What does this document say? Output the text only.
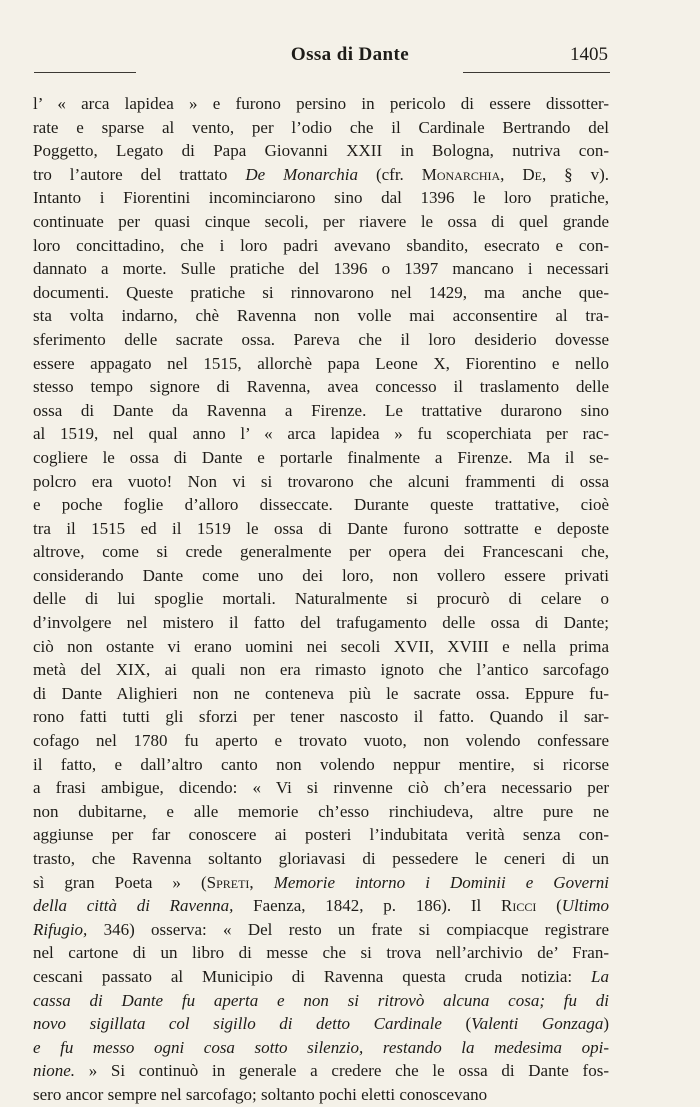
Ossa di Dante	1405
l’ « arca lapidea » e furono persino in pericolo di essere dissotter-
rate e sparse al vento, per l’odio che il Cardinale Bertrando del
Poggetto, Legato di Papa Giovanni XXII in Bologna, nutriva con-
tro l’autore del trattato De Monarchia (cfr. Monarchia, De, § v).
Intanto i Fiorentini incominciarono sino dal 1396 le loro pratiche,
continuate per quasi cinque secoli, per riavere le ossa di quel grande
loro concittadino, che i loro padri avevano sbandito, esecrato e con-
dannato a morte. Sulle pratiche del 1396 o 1397 mancano i necessari
documenti. Queste pratiche si rinnovarono nel 1429, ma anche que-
sta volta indarno, chè Ravenna non volle mai acconsentire al tra-
sferimento delle sacrate ossa. Pareva che il loro desiderio dovesse
essere appagato nel 1515, allorchè papa Leone X, Fiorentino e nello
stesso tempo signore di Ravenna, avea concesso il traslamento delle
ossa di Dante da Ravenna a Firenze. Le trattative durarono sino
al 1519, nel qual anno l’ « arca lapidea » fu scoperchiata per rac-
cogliere le ossa di Dante e portarle finalmente a Firenze. Ma il se-
polcro era vuoto! Non vi si trovarono che alcuni frammenti di ossa
e poche foglie d’alloro disseccate. Durante queste trattative, cioè
tra il 1515 ed il 1519 le ossa di Dante furono sottratte e deposte
altrove, come si crede generalmente per opera dei Francescani che,
considerando Dante come uno dei loro, non vollero essere privati
delle di lui spoglie mortali. Naturalmente si procurò di celare o
d’involgere nel mistero il fatto del trafugamento delle ossa di Dante;
ciò non ostante vi erano uomini nei secoli XVII, XVIII e nella prima
metà del XIX, ai quali non era rimasto ignoto che l’antico sarcofago
di Dante Alighieri non ne conteneva più le sacrate ossa. Eppure fu-
rono fatti tutti gli sforzi per tener nascosto il fatto. Quando il sar-
cofago nel 1780 fu aperto e trovato vuoto, non volendo confessare
il fatto, e dall’altro canto non volendo neppur mentire, si ricorse
a frasi ambigue, dicendo: « Vi si rinvenne ciò ch’era necessario per
non dubitarne, e alle memorie ch’esso rinchiudeva, altre pure ne
aggiunse per far conoscere ai posteri l’indubitata verità senza con-
trasto, che Ravenna soltanto gloriavasi di pessedere le ceneri di un
sì gran Poeta » (Spreti, Memorie intorno i Dominii e Governi
della città di Ravenna, Faenza, 1842, p. 186). Il Ricci (Ultimo
Rifugio, 346) osserva: « Del resto un frate si compiacque registrare
nel cartone di un libro di messe che si trova nell’archivio de’ Fran-
cescani passato al Municipio di Ravenna questa cruda notizia: La
cassa di Dante fu aperta e non si ritrovò alcuna cosa; fu di
novo sigillata col sigillo di detto Cardinale (Valenti Gonzaga)
e fu messo ogni cosa sotto silenzio, restando la medesima opi-
nione. » Si continuò in generale a credere che le ossa di Dante fos-
sero ancor sempre nel sarcofago; soltanto pochi eletti conoscevano
